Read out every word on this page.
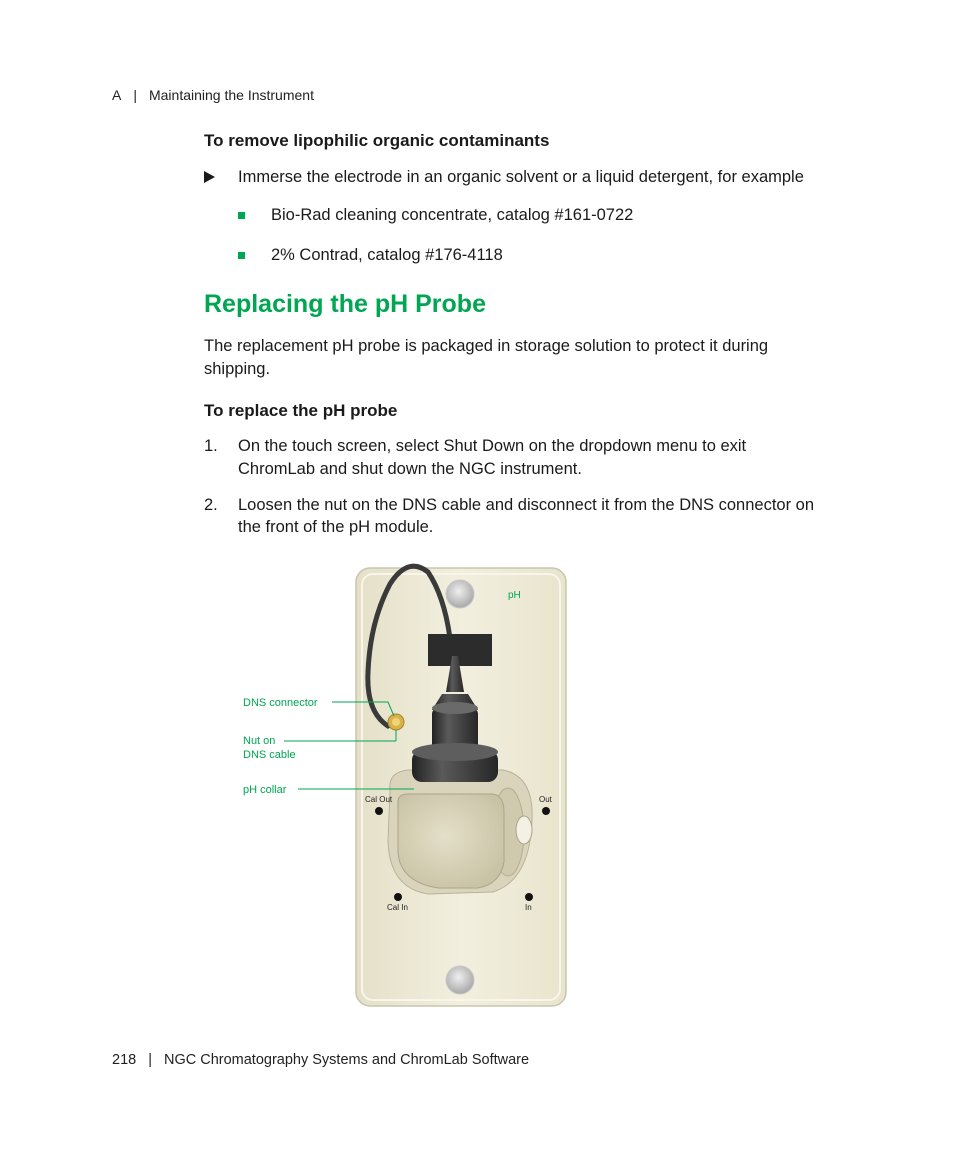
A | Maintaining the Instrument
To remove lipophilic organic contaminants
Immerse the electrode in an organic solvent or a liquid detergent, for example
Bio-Rad cleaning concentrate, catalog #161-0722
2% Contrad, catalog #176-4118
Replacing the pH Probe
The replacement pH probe is packaged in storage solution to protect it during
shipping.
To replace the pH probe
1. On the touch screen, select Shut Down on the dropdown menu to exit
ChromLab and shut down the NGC instrument.
2. Loosen the nut on the DNS cable and disconnect it from the DNS connector on
the front of the pH module.
DNS connector
Nut on
DNS cable
pH collar
pH
Cal Out	Out
Cal In	In
218 | NGC Chromatography Systems and ChromLab Software
